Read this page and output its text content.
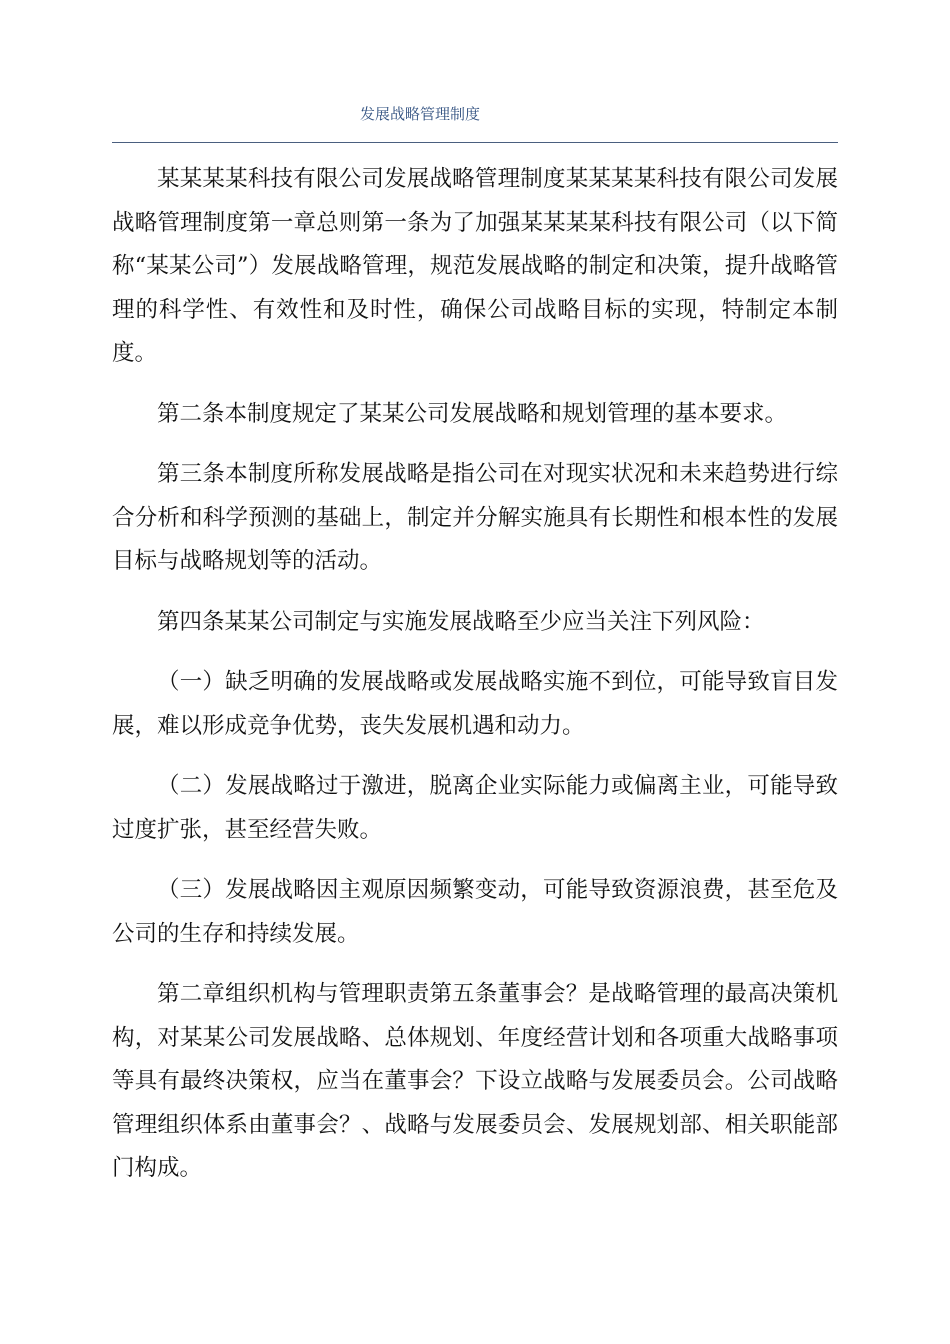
发展战略管理制度

某某某某科技有限公司发展战略管理制度某某某某科技有限公司发展战略管理制度第一章总则第一条为了加强某某某某科技有限公司（以下简称“某某公司”）发展战略管理，规范发展战略的制定和决策，提升战略管理的科学性、有效性和及时性，确保公司战略目标的实现，特制定本制度。

第二条本制度规定了某某公司发展战略和规划管理的基本要求。

第三条本制度所称发展战略是指公司在对现实状况和未来趋势进行综合分析和科学预测的基础上，制定并分解实施具有长期性和根本性的发展目标与战略规划等的活动。

第四条某某公司制定与实施发展战略至少应当关注下列风险：

（一）缺乏明确的发展战略或发展战略实施不到位，可能导致盲目发展，难以形成竞争优势，丧失发展机遇和动力。

（二）发展战略过于激进，脱离企业实际能力或偏离主业，可能导致过度扩张，甚至经营失败。

（三）发展战略因主观原因频繁变动，可能导致资源浪费，甚至危及公司的生存和持续发展。

第二章组织机构与管理职责第五条董事会？是战略管理的最高决策机构，对某某公司发展战略、总体规划、年度经营计划和各项重大战略事项等具有最终决策权，应当在董事会？下设立战略与发展委员会。公司战略管理组织体系由董事会？、战略与发展委员会、发展规划部、相关职能部门构成。
